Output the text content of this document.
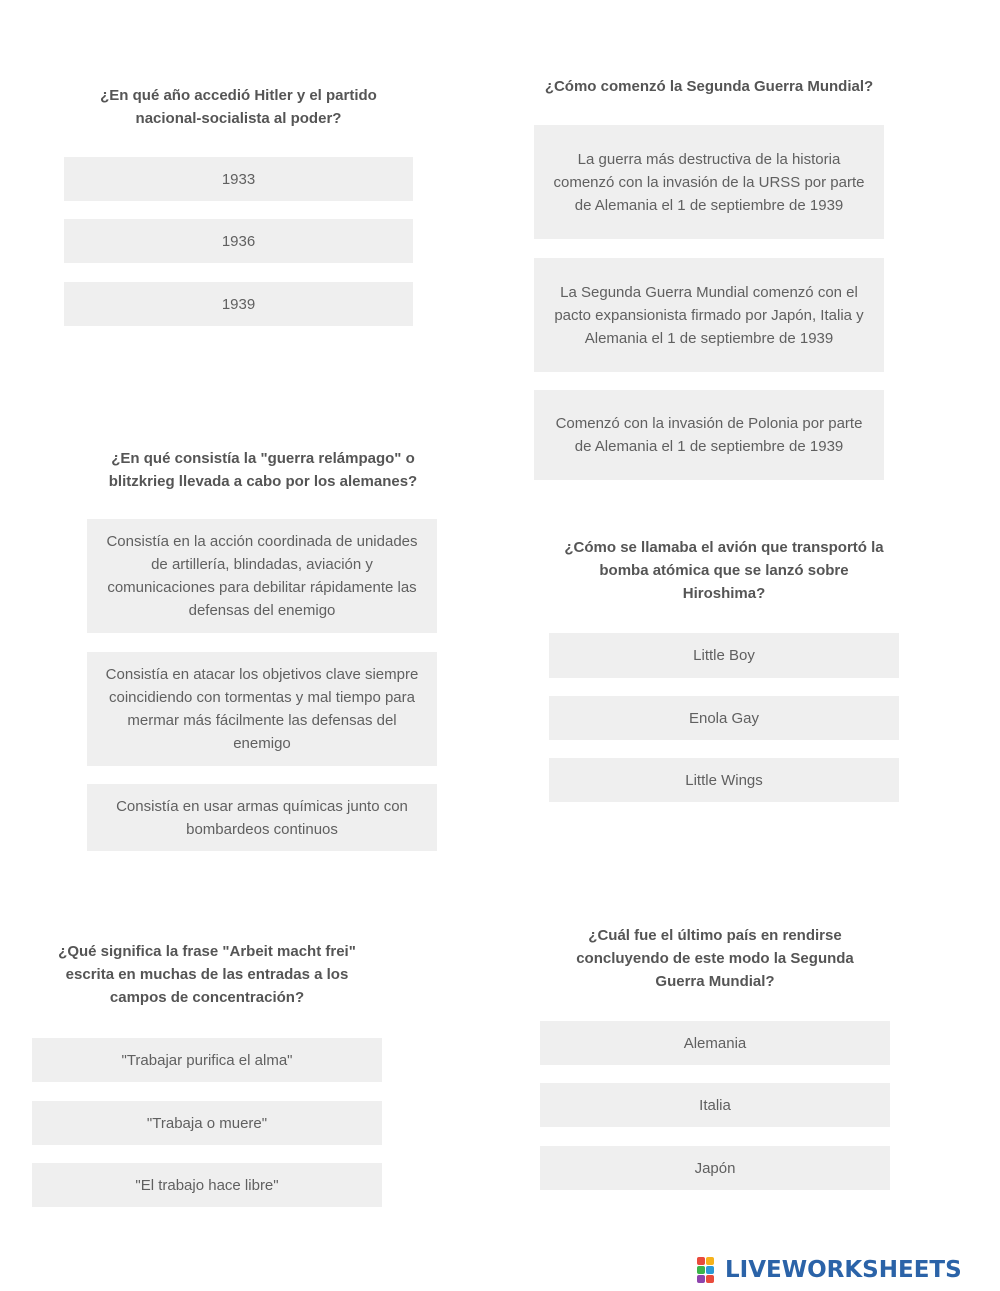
¿En qué año accedió Hitler y el partido
nacional-socialista al poder?
1933
1936
1939
¿Cómo comenzó la Segunda Guerra Mundial?
La guerra más destructiva de la historia comenzó con la invasión de la URSS por parte de Alemania el 1 de septiembre de 1939
La Segunda Guerra Mundial comenzó con el pacto expansionista firmado por Japón, Italia y Alemania el 1 de septiembre de 1939
Comenzó con la invasión de Polonia por parte de Alemania el 1 de septiembre de 1939
¿En qué consistía la "guerra relámpago" o
blitzkrieg llevada a cabo por los alemanes?
Consistía en la acción coordinada de unidades de artillería, blindadas, aviación y comunicaciones para debilitar rápidamente las defensas del enemigo
Consistía en atacar los objetivos clave siempre coincidiendo con tormentas y mal tiempo para mermar más fácilmente las defensas del enemigo
Consistía en usar armas químicas junto con bombardeos continuos
¿Cómo se llamaba el avión que transportó la
bomba atómica que se lanzó sobre
Hiroshima?
Little Boy
Enola Gay
Little Wings
¿Qué significa la frase "Arbeit macht frei"
escrita en muchas de las entradas a los
campos de concentración?
"Trabajar purifica el alma"
"Trabaja o muere"
"El trabajo hace libre"
¿Cuál fue el último país en rendirse
concluyendo de este modo la Segunda
Guerra Mundial?
Alemania
Italia
Japón
LIVEWORKSHEETS
